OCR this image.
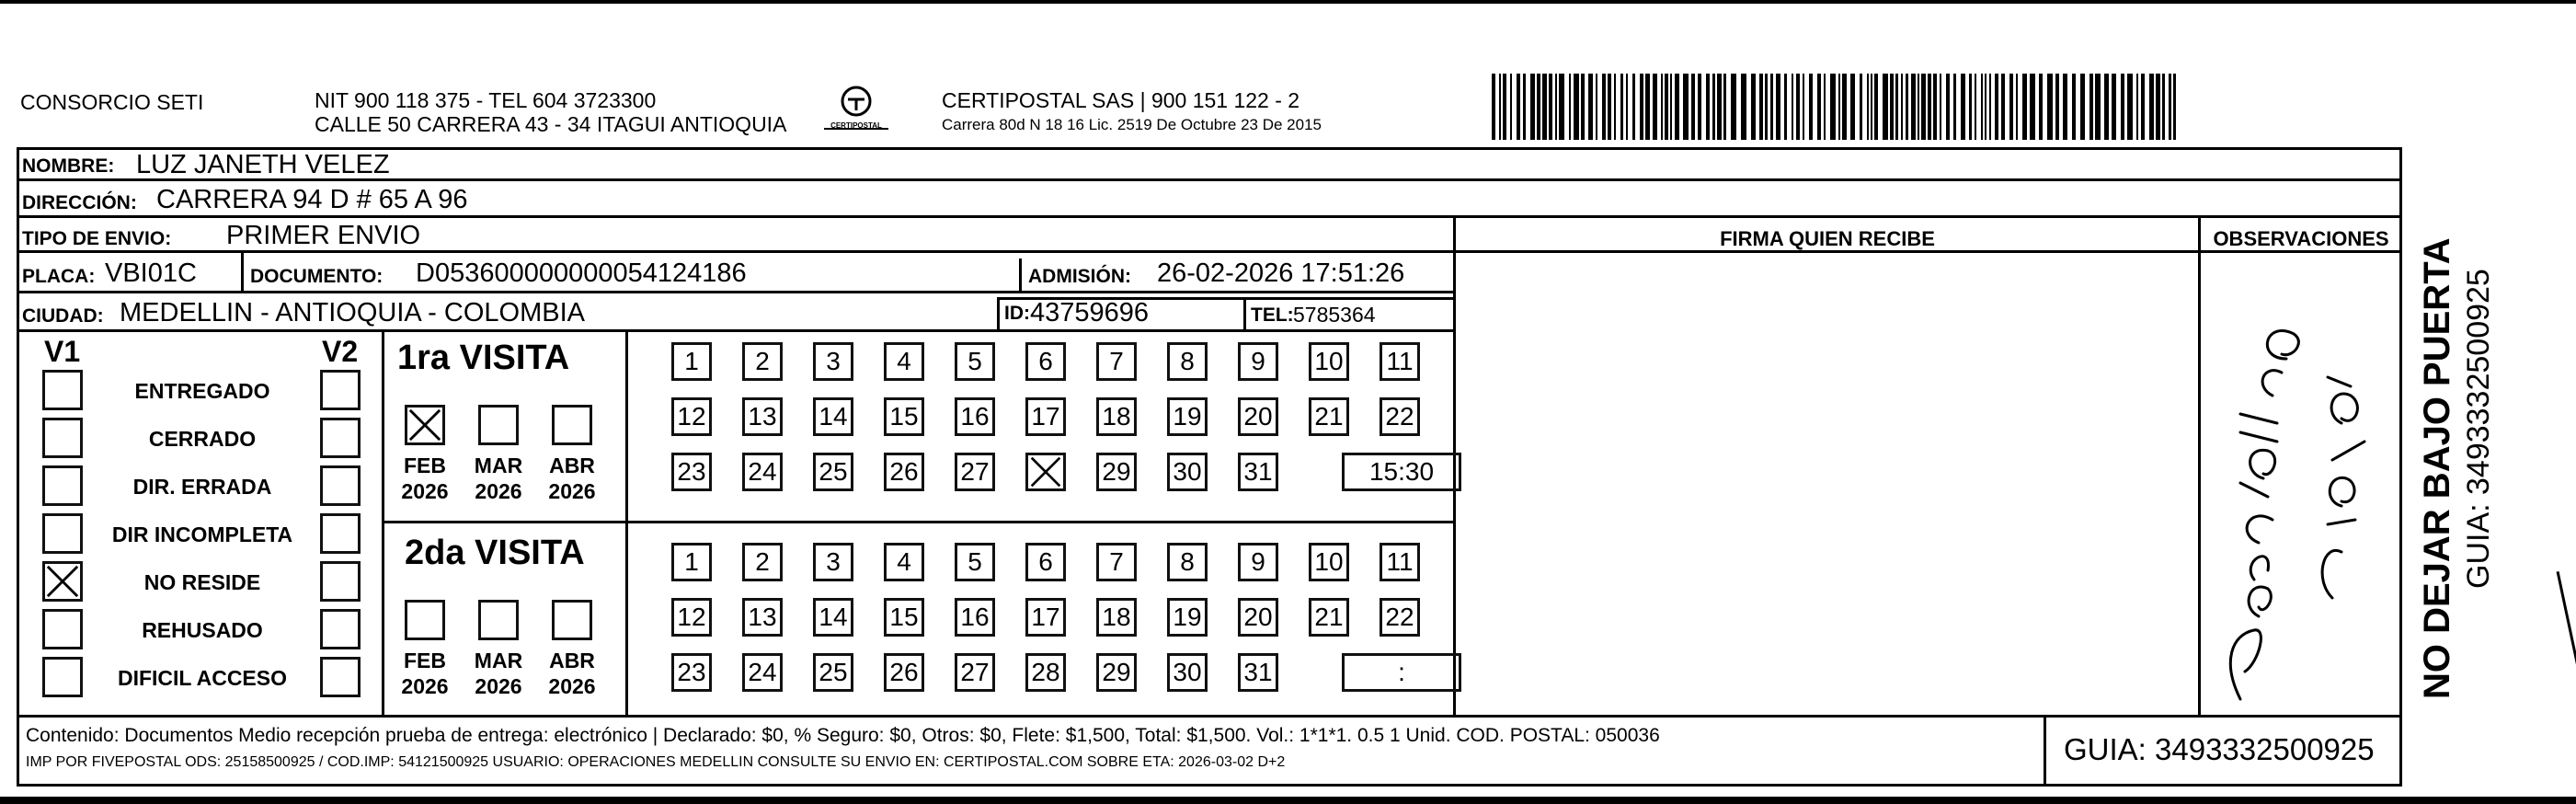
CONSORCIO SETI	NIT 900 118 375 - TEL 604 3723300
CALLE 50 CARRERA 43 - 34 ITAGUI ANTIOQUIA	CERTIPOSTAL
CERTIPOSTAL SAS | 900 151 122 - 2
Carrera 80d N 18 16 Lic. 2519 De Octubre 23 De 2015
NOMBRE: LUZ JANETH VELEZ
DIRECCIÓN: CARRERA 94 D # 65 A 96
TIPO DE ENVIO: PRIMER ENVIO	FIRMA QUIEN RECIBE	OBSERVACIONES
PLACA: VBI01C	DOCUMENTO: D053600000000054124186	ADMISIÓN: 26-02-2026 17:51:26
CIUDAD: MEDELLIN - ANTIOQUIA - COLOMBIA	ID: 43759696	TEL: 5785364
V1	V2
ENTREGADO
CERRADO
DIR. ERRADA
DIR INCOMPLETA
NO RESIDE
REHUSADO
DIFICIL ACCESO
1ra VISITA
FEB
2026
MAR
2026
ABR
2026
1 2 3 4 5 6 7 8 9 10 11
12 13 14 15 16 17 18 19 20 21 22
23 24 25 26 27	29 30 31	15:30
2da VISITA
FEB
2026
MAR
2026
ABR
2026
1 2 3 4 5 6 7 8 9 10 11
12 13 14 15 16 17 18 19 20 21 22
23 24 25 26 27 28 29 30 31	:
Contenido: Documentos Medio recepción prueba de entrega: electrónico | Declarado: $0, % Seguro: $0, Otros: $0, Flete: $1,500, Total: $1,500. Vol.: 1*1*1. 0.5 1 Unid. COD. POSTAL: 050036
IMP POR FIVEPOSTAL ODS: 25158500925 / COD.IMP: 54121500925 USUARIO: OPERACIONES MEDELLIN CONSULTE SU ENVIO EN: CERTIPOSTAL.COM SOBRE ETA: 2026-03-02 D+2	GUIA: 3493332500925
NO DEJAR BAJO PUERTA GUIA: 3493332500925
